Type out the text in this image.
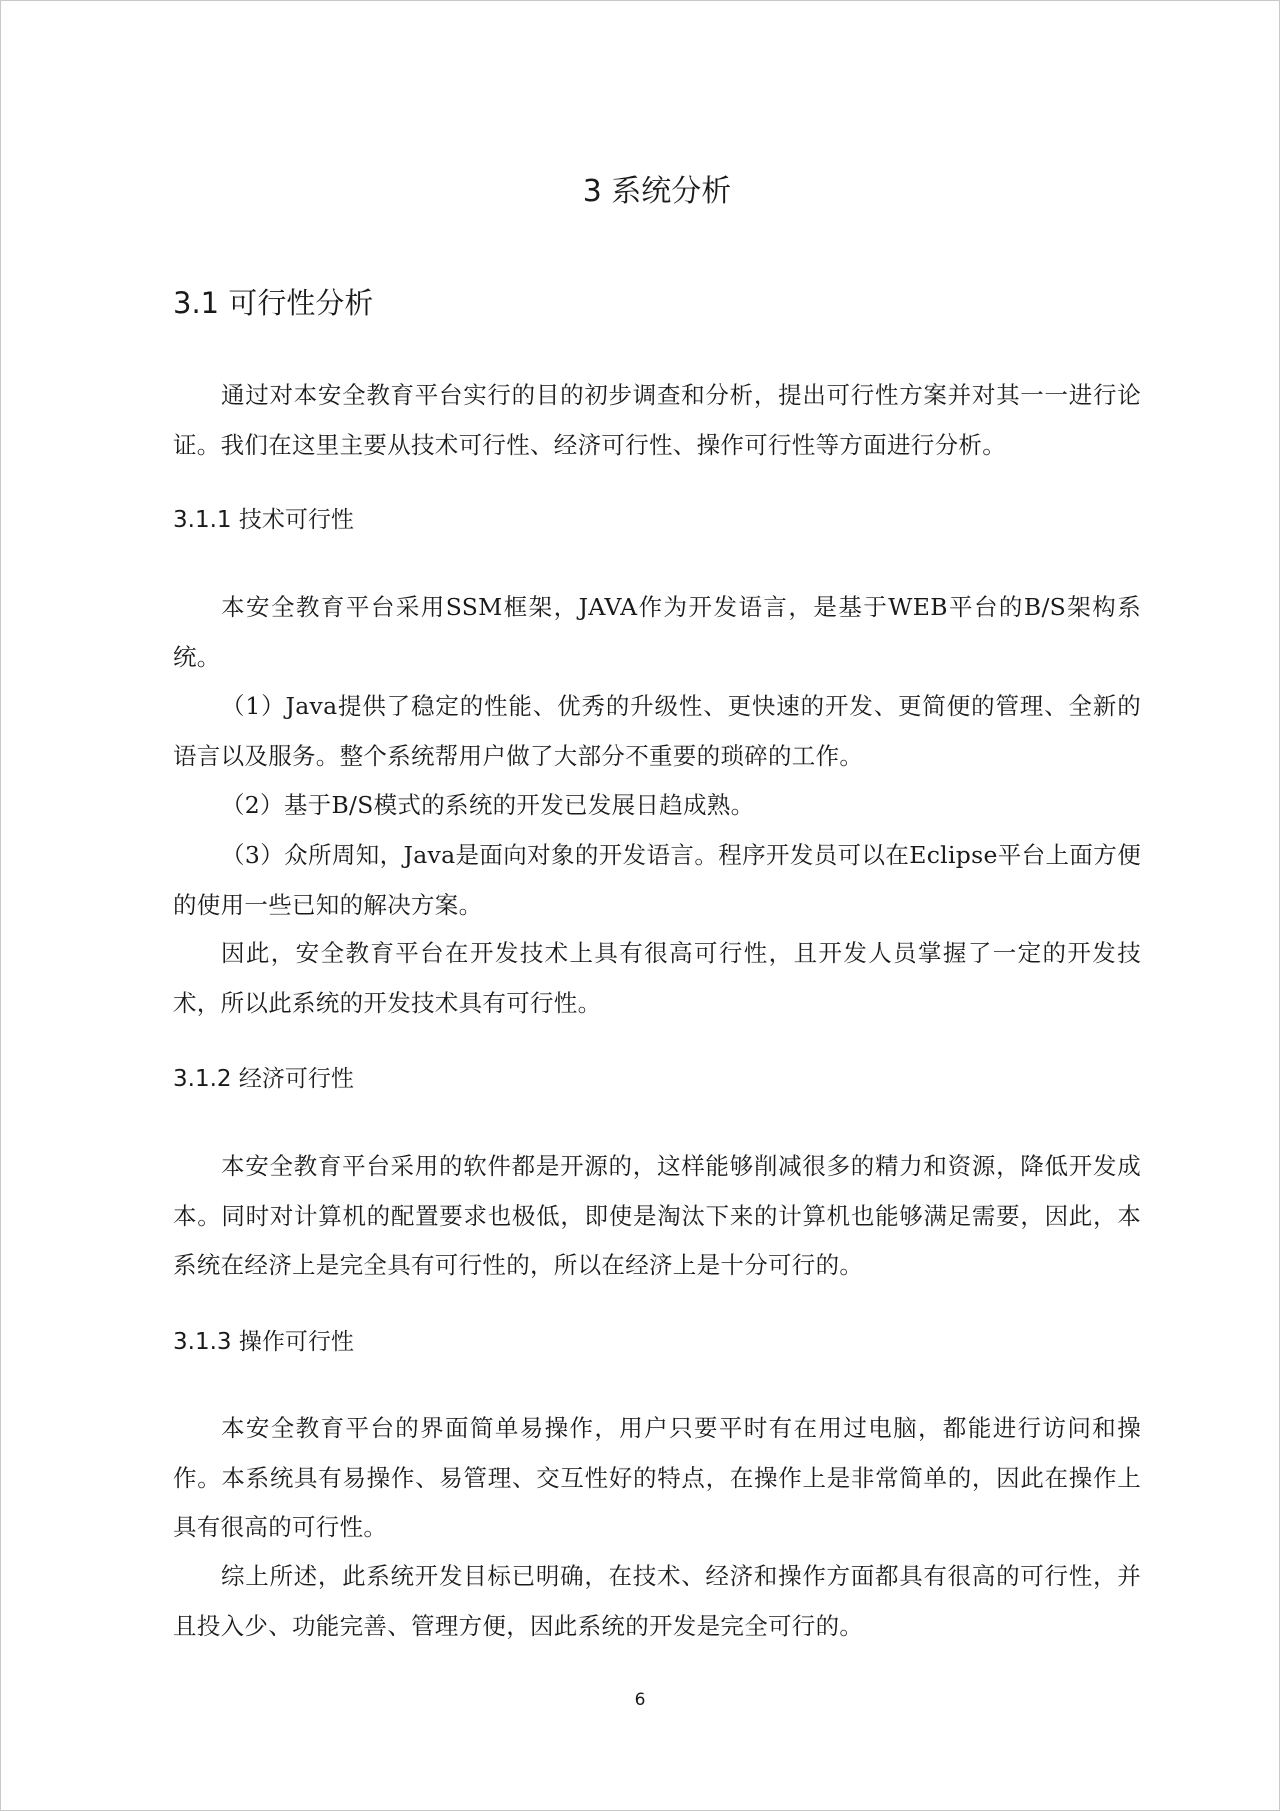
3 系统分析
3.1 可行性分析

通过对本安全教育平台实行的目的初步调查和分析，提出可行性方案并对其一一进行论证。我们在这里主要从技术可行性、经济可行性、操作可行性等方面进行分析。

3.1.1 技术可行性

本安全教育平台采用SSM框架，JAVA作为开发语言，是基于WEB平台的B/S架构系统。

（1）Java提供了稳定的性能、优秀的升级性、更快速的开发、更简便的管理、全新的语言以及服务。整个系统帮用户做了大部分不重要的琐碎的工作。

（2）基于B/S模式的系统的开发已发展日趋成熟。

（3）众所周知，Java是面向对象的开发语言。程序开发员可以在Eclipse平台上面方便的使用一些已知的解决方案。

因此，安全教育平台在开发技术上具有很高可行性，且开发人员掌握了一定的开发技术，所以此系统的开发技术具有可行性。

3.1.2 经济可行性

本安全教育平台采用的软件都是开源的，这样能够削减很多的精力和资源，降低开发成本。同时对计算机的配置要求也极低，即使是淘汰下来的计算机也能够满足需要，因此，本系统在经济上是完全具有可行性的，所以在经济上是十分可行的。

3.1.3 操作可行性

本安全教育平台的界面简单易操作，用户只要平时有在用过电脑，都能进行访问和操作。本系统具有易操作、易管理、交互性好的特点，在操作上是非常简单的，因此在操作上具有很高的可行性。

综上所述，此系统开发目标已明确，在技术、经济和操作方面都具有很高的可行性，并且投入少、功能完善、管理方便，因此系统的开发是完全可行的。

6
